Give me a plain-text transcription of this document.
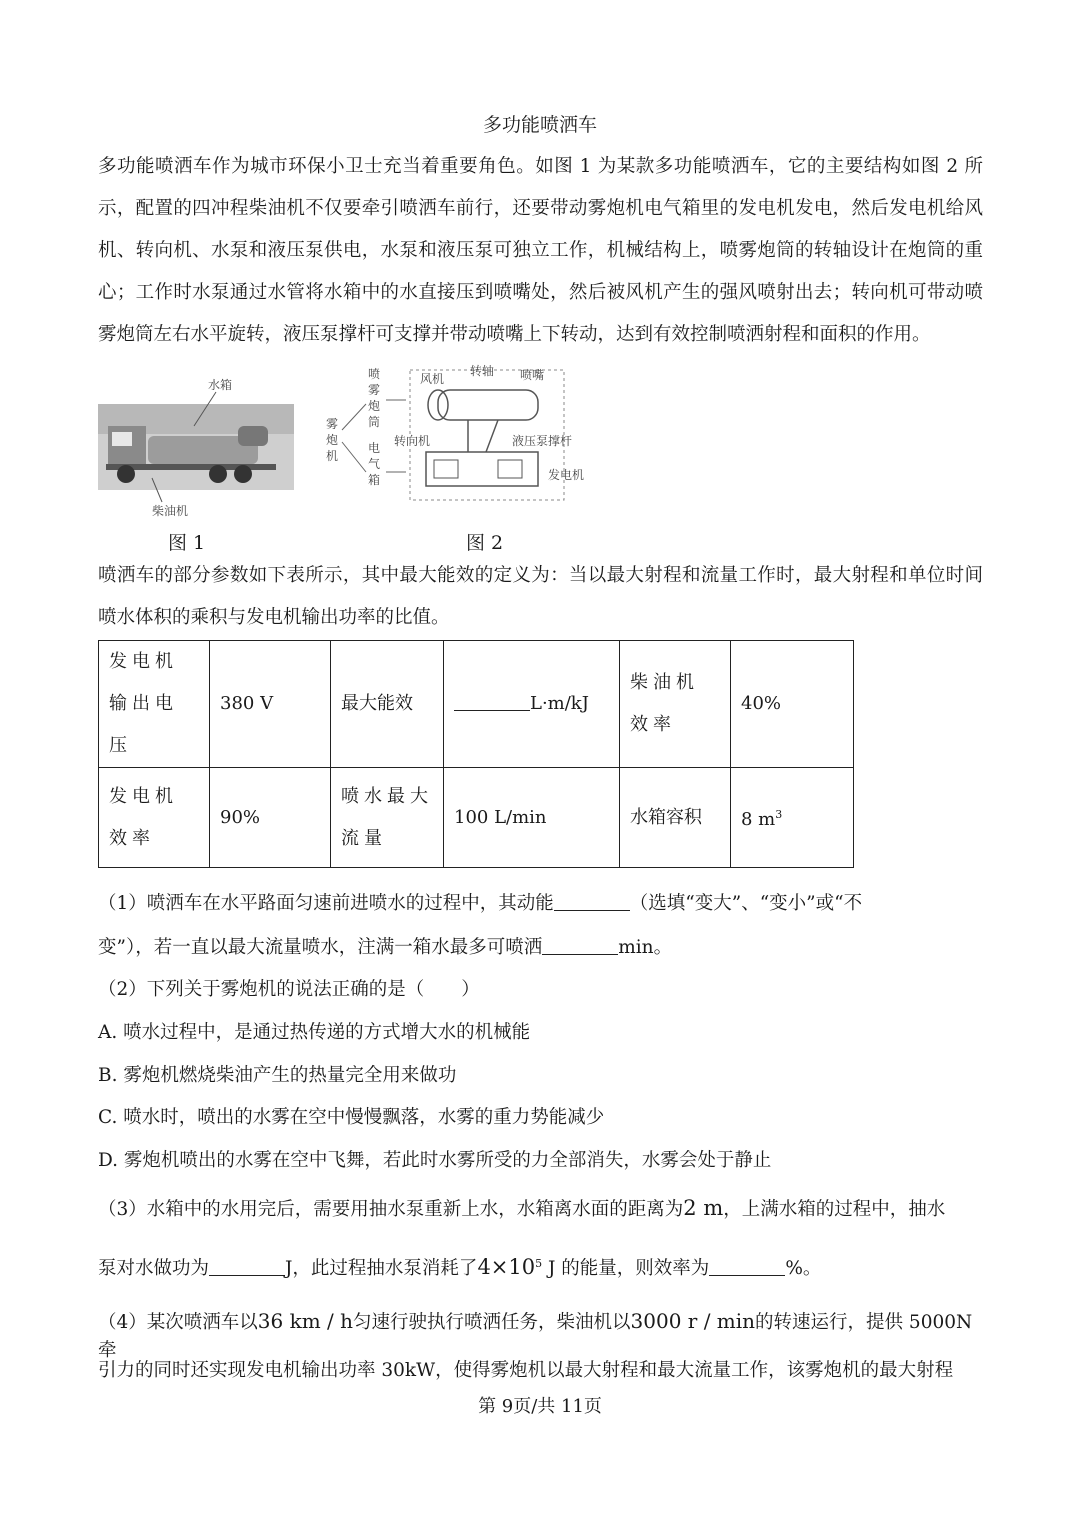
多功能喷洒车
多功能喷洒车作为城市环保小卫士充当着重要角色。如图 1 为某款多功能喷洒车，它的主要结构如图 2 所示，配置的四冲程柴油机不仅要牵引喷洒车前行，还要带动雾炮机电气箱里的发电机发电，然后发电机给风机、转向机、水泵和液压泵供电，水泵和液压泵可独立工作，机械结构上，喷雾炮筒的转轴设计在炮筒的重心；工作时水泵通过水管将水箱中的水直接压到喷嘴处，然后被风机产生的强风喷射出去；转向机可带动喷雾炮筒左右水平旋转，液压泵撑杆可支撑并带动喷嘴上下转动，达到有效控制喷洒射程和面积的作用。
水箱
柴油机
雾
炮
机
喷
雾
炮
筒
电
气
箱
风机
转轴 喷嘴
转向机	液压泵撑杆
发电机
图 1	图 2
喷洒车的部分参数如下表所示，其中最大能效的定义为：当以最大射程和流量工作时，最大射程和单位时间喷水体积的乘积与发电机输出功率的比值。
发电机输出电压	380 V	最大能效	L·m/kJ	柴油机效率	40%
发电机效率	90%	喷水最大流量	100 L/min	水箱容积	8 $m^3$
（1）喷洒车在水平路面匀速前进喷水的过程中，其动能	（选填“变大”、“变小”或“不
变”），若一直以最大流量喷水，注满一箱水最多可喷洒	min。
（2）下列关于雾炮机的说法正确的是（　　）
A. 喷水过程中，是通过热传递的方式增大水的机械能
B. 雾炮机燃烧柴油产生的热量完全用来做功
C. 喷水时，喷出的水雾在空中慢慢飘落，水雾的重力势能减少
D. 雾炮机喷出的水雾在空中飞舞，若此时水雾所受的力全部消失，水雾会处于静止
（3）水箱中的水用完后，需要用抽水泵重新上水，水箱离水面的距离为2 m，上满水箱的过程中，抽水
泵对水做功为	J，此过程抽水泵消耗了$4\times 10^5$ J 的能量，则效率为	%。
（4）某次喷洒车以36 km / h匀速行驶执行喷洒任务，柴油机以3000 r / min的转速运行，提供 5000N 牵
引力的同时还实现发电机输出功率 30kW，使得雾炮机以最大射程和最大流量工作，该雾炮机的最大射程
第 9页/共 11页
